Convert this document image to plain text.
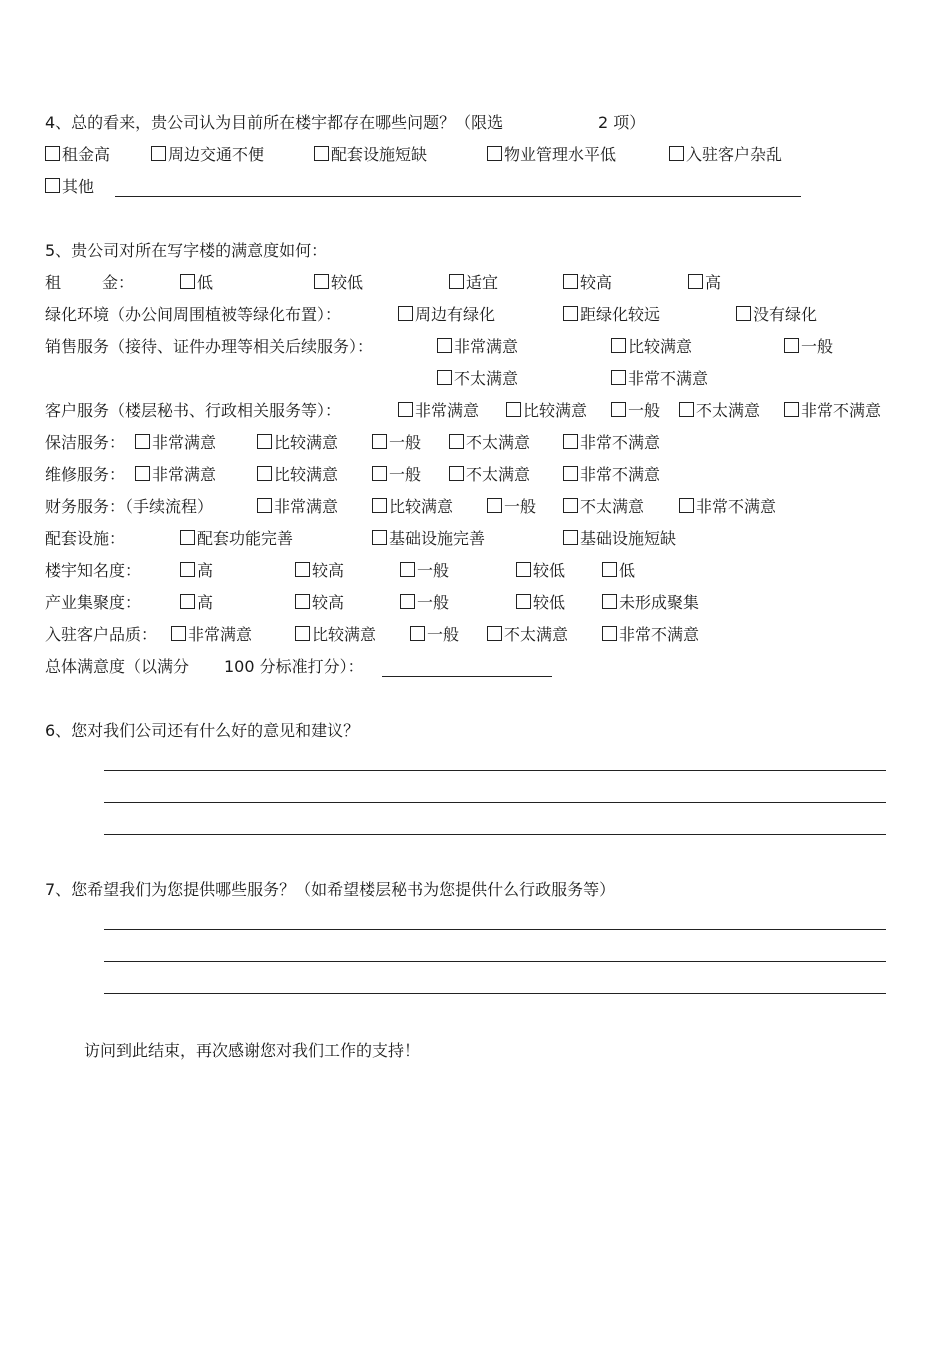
4、总的看来，贵公司认为目前所在楼宇都存在哪些问题？（限选	2 项）
租金高	周边交通不便	配套设施短缺	物业管理水平低	入驻客户杂乱
其他
5、贵公司对所在写字楼的满意度如何：
租	金：	低	较低	适宜	较高	高
绿化环境（办公间周围植被等绿化布置）：	周边有绿化	距绿化较远	没有绿化
销售服务（接待、证件办理等相关后续服务）：	非常满意	比较满意	一般
不太满意	非常不满意
客户服务（楼层秘书、行政相关服务等）：	非常满意	比较满意	一般	不太满意	非常不满意
保洁服务：	非常满意	比较满意	一般	不太满意	非常不满意
维修服务：	非常满意	比较满意	一般	不太满意	非常不满意
财务服务：（手续流程）	非常满意	比较满意	一般	不太满意	非常不满意
配套设施：	配套功能完善	基础设施完善	基础设施短缺
楼宇知名度：	高	较高	一般	较低	低
产业集聚度：	高	较高	一般	较低	未形成聚集
入驻客户品质：	非常满意	比较满意	一般	不太满意	非常不满意
总体满意度（以满分 100 分标准打分）：
6、您对我们公司还有什么好的意见和建议？
7、您希望我们为您提供哪些服务？（如希望楼层秘书为您提供什么行政服务等）
访问到此结束，再次感谢您对我们工作的支持！
